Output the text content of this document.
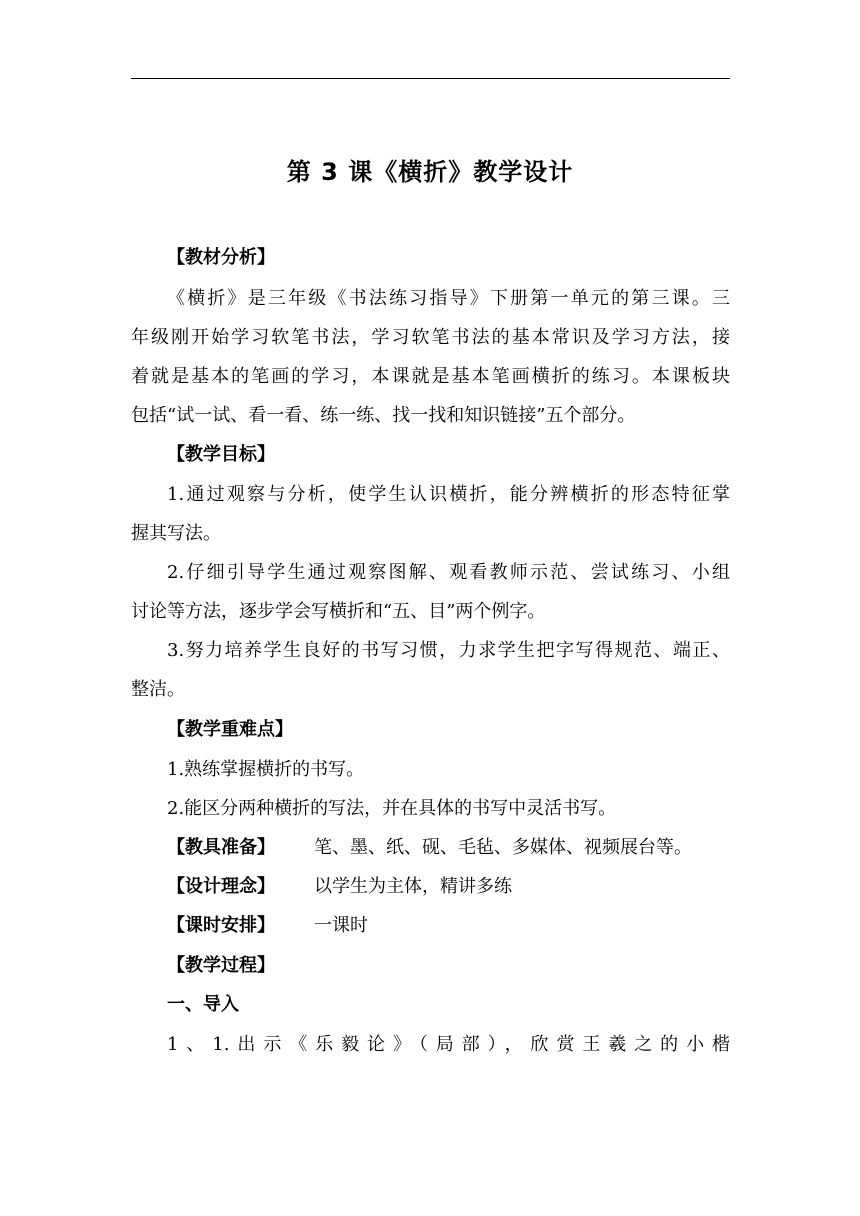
第 3 课《横折》教学设计
【教材分析】
《横折》是三年级《书法练习指导》下册第一单元的第三课。三
年级刚开始学习软笔书法，学习软笔书法的基本常识及学习方法，接
着就是基本的笔画的学习，本课就是基本笔画横折的练习。本课板块
包括“试一试、看一看、练一练、找一找和知识链接”五个部分。
【教学目标】
1.通过观察与分析，使学生认识横折，能分辨横折的形态特征掌
握其写法。
2.仔细引导学生通过观察图解、观看教师示范、尝试练习、小组
讨论等方法，逐步学会写横折和“五、目”两个例字。
3.努力培养学生良好的书写习惯，力求学生把字写得规范、端正、
整洁。
【教学重难点】
1.熟练掌握横折的书写。
2.能区分两种横折的写法，并在具体的书写中灵活书写。
【教具准备】 笔、墨、纸、砚、毛毡、多媒体、视频展台等。
【设计理念】 以学生为主体，精讲多练
【课时安排】 一课时
【教学过程】
一、导入
1、1.出示《乐毅论》（局部），欣赏王羲之的小楷
